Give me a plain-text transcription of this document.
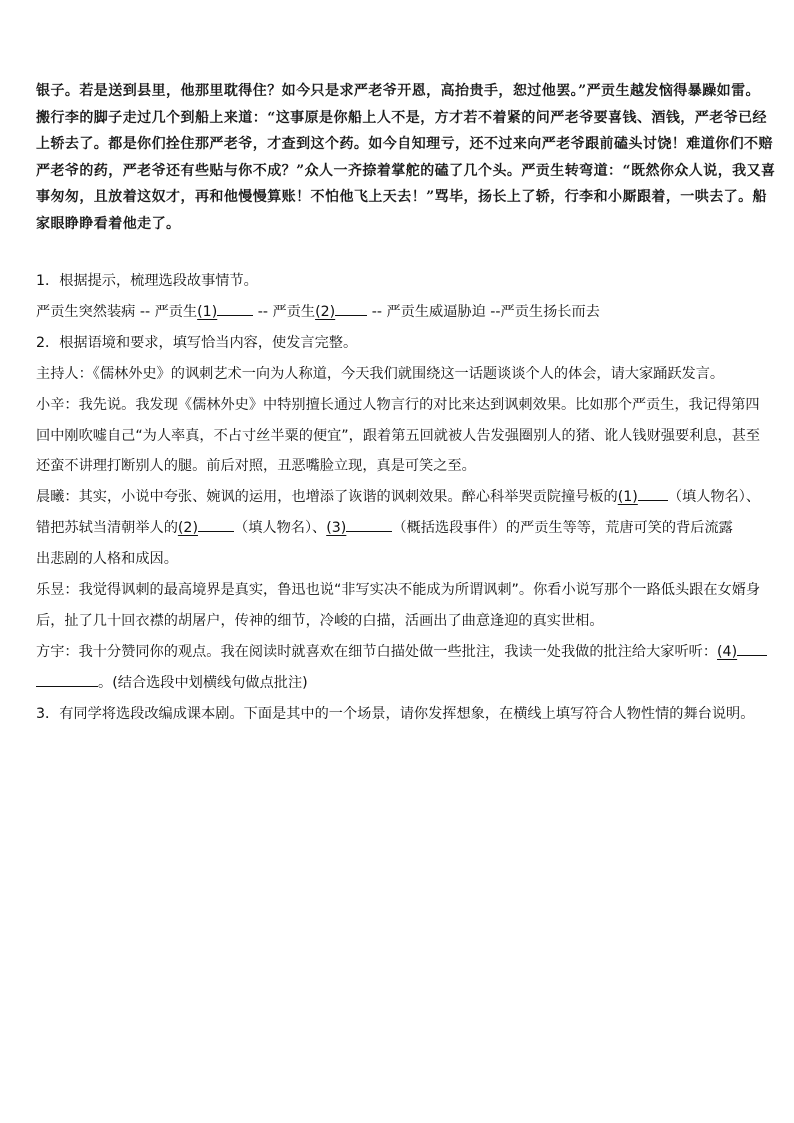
银子。若是送到县里，他那里耽得住？如今只是求严老爷开恩，高抬贵手，恕过他罢。”严贡生越发恼得暴躁如雷。

搬行李的脚子走过几个到船上来道：“这事原是你船上人不是，方才若不着紧的问严老爷要喜钱、酒钱，严老爷已经

上轿去了。都是你们拴住那严老爷，才查到这个药。如今自知理亏，还不过来向严老爷跟前磕头讨饶！难道你们不赔

严老爷的药，严老爷还有些贴与你不成？”众人一齐捺着掌舵的磕了几个头。严贡生转弯道：“既然你众人说，我又喜

事匆匆，且放着这奴才，再和他慢慢算账！不怕他飞上天去！”骂毕，扬长上了轿，行李和小厮跟着，一哄去了。船

家眼睁睁看着他走了。

1．根据提示，梳理选段故事情节。

严贡生突然装病 -- 严贡生(1)	-- 严贡生(2) -- 严贡生威逼胁迫 --严贡生扬长而去

2．根据语境和要求，填写恰当内容，使发言完整。

主持人：《儒林外史》的讽刺艺术一向为人称道，今天我们就围绕这一话题谈谈个人的体会，请大家踊跃发言。

小辛：我先说。我发现《儒林外史》中特别擅长通过人物言行的对比来达到讽刺效果。比如那个严贡生，我记得第四

回中刚吹嘘自己“为人率真，不占寸丝半粟的便宜”，跟着第五回就被人告发强圈别人的猪、讹人钱财强要利息，甚至

还蛮不讲理打断别人的腿。前后对照，丑恶嘴脸立现，真是可笑之至。

晨曦：其实，小说中夸张、婉讽的运用，也增添了诙谐的讽刺效果。醉心科举哭贡院撞号板的(1) （填人物名）、

错把苏轼当清朝举人的(2)	（填人物名）、(3)	（概括选段事件）的严贡生等等，荒唐可笑的背后流露

出悲剧的人格和成因。

乐昱：我觉得讽刺的最高境界是真实，鲁迅也说“非写实决不能成为所谓讽刺”。你看小说写那个一路低头跟在女婿身

后，扯了几十回衣襟的胡屠户，传神的细节，冷峻的白描，活画出了曲意逢迎的真实世相。

方宇：我十分赞同你的观点。我在阅读时就喜欢在细节白描处做一些批注，我读一处我做的批注给大家听听：(4)

。(结合选段中划横线句做点批注)

3．有同学将选段改编成课本剧。下面是其中的一个场景，请你发挥想象，在横线上填写符合人物性情的舞台说明。
